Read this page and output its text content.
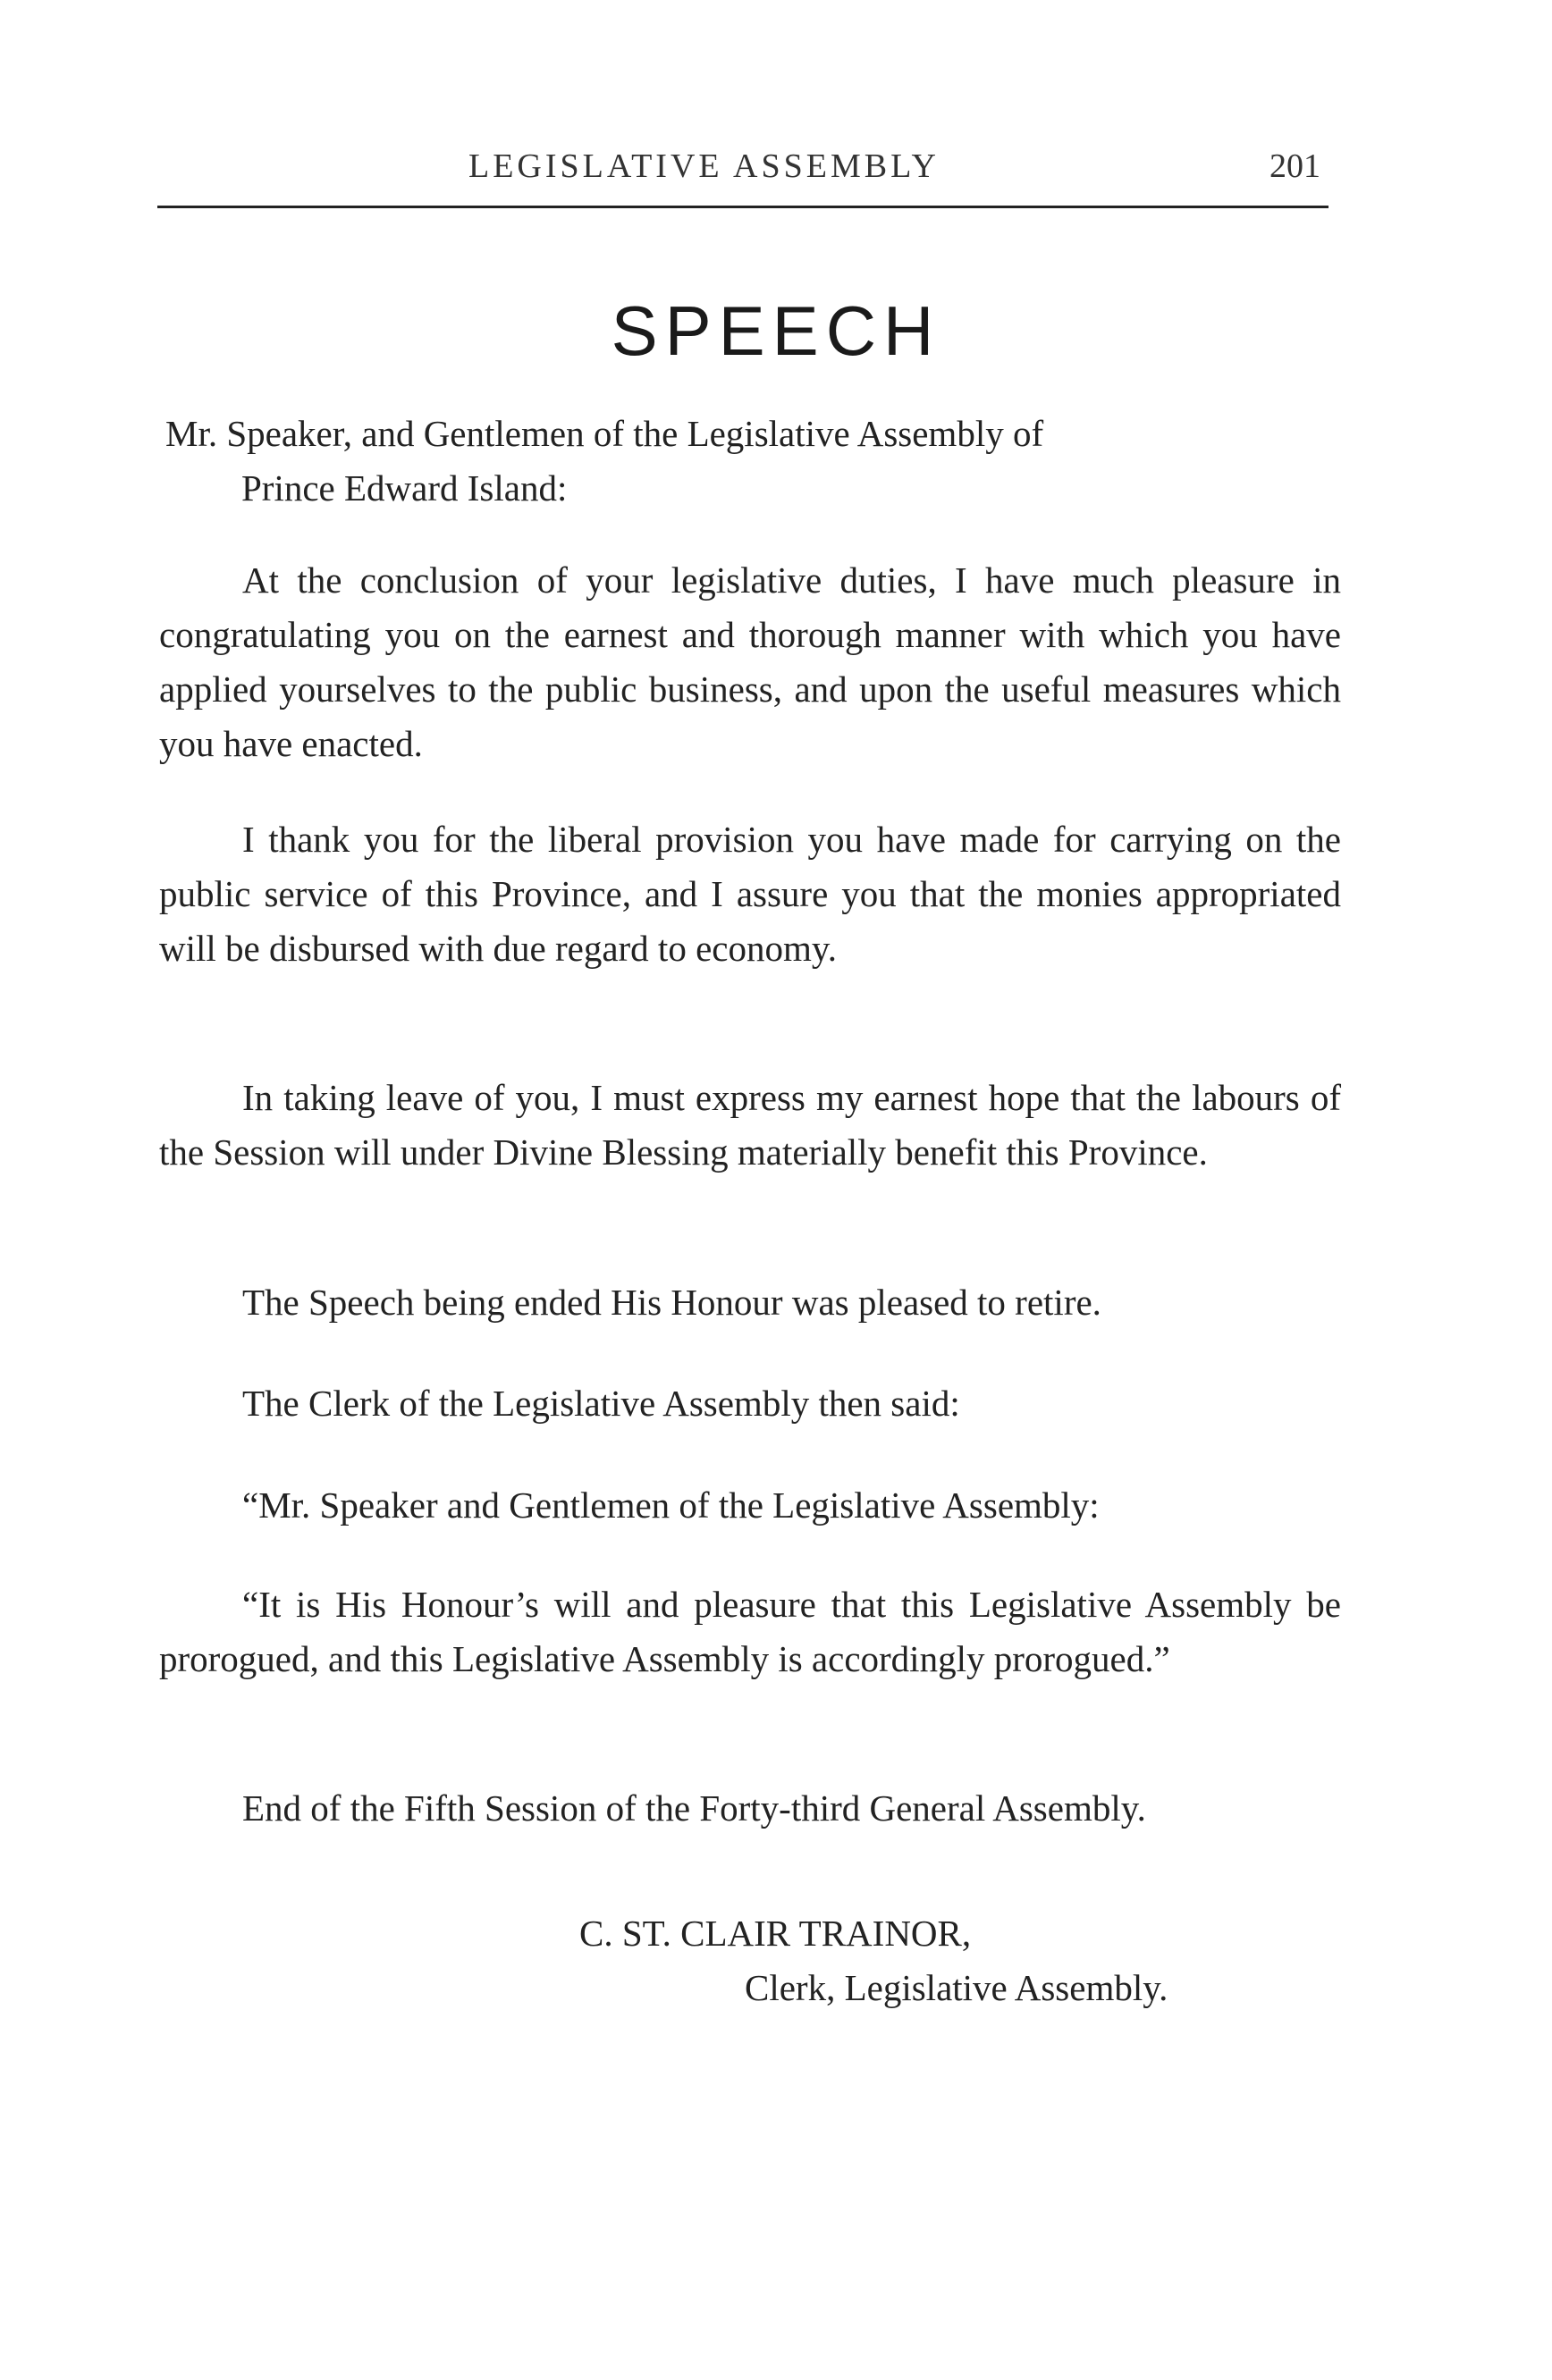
LEGISLATIVE ASSEMBLY	201
SPEECH

Mr. Speaker, and Gentlemen of the Legislative Assembly of
Prince Edward Island:

At the conclusion of your legislative duties, I have much pleasure in congratulating you on the earnest and thorough manner with which you have applied yourselves to the public business, and upon the useful measures which you have enacted.

I thank you for the liberal provision you have made for carrying on the public service of this Province, and I assure you that the monies appropriated will be disbursed with due regard to economy.

In taking leave of you, I must express my earnest hope that the labours of the Session will under Divine Blessing materially benefit this Province.

The Speech being ended His Honour was pleased to retire.

The Clerk of the Legislative Assembly then said:

“Mr. Speaker and Gentlemen of the Legislative Assembly:

“It is His Honour’s will and pleasure that this Legislative Assembly be prorogued, and this Legislative Assembly is accordingly prorogued.”

End of the Fifth Session of the Forty-third General Assembly.

C. ST. CLAIR TRAINOR,
Clerk, Legislative Assembly.
